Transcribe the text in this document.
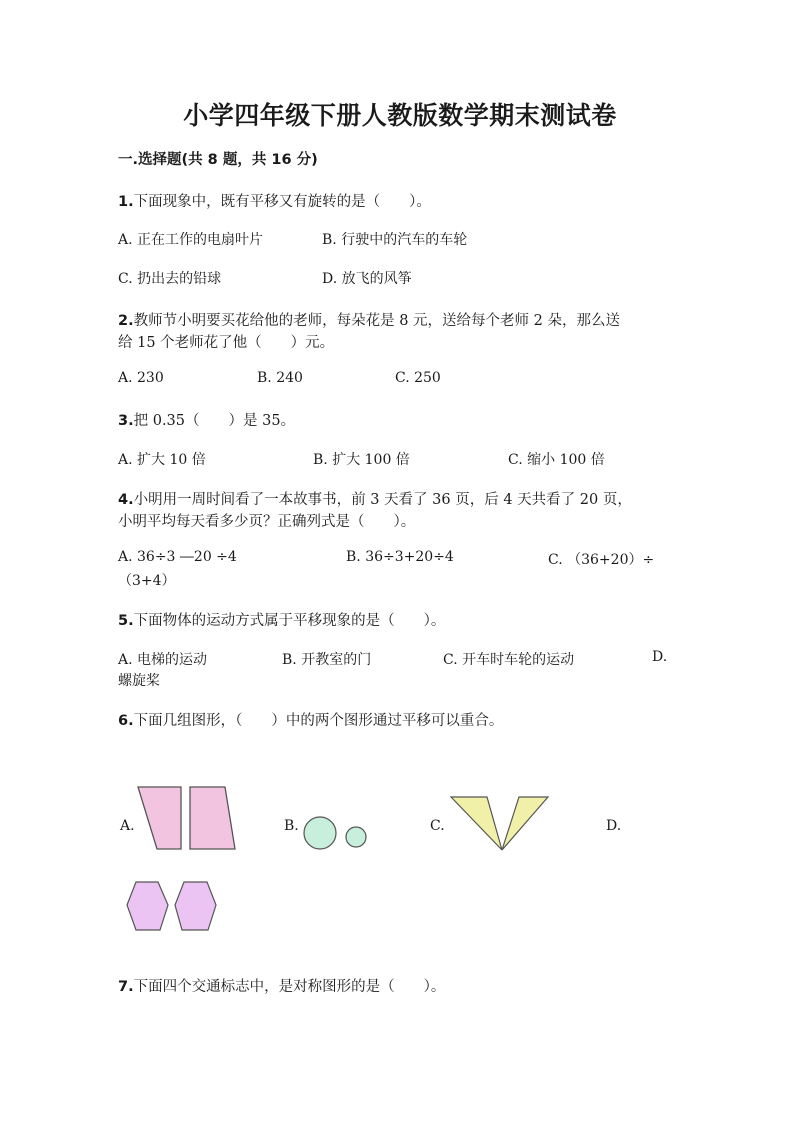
小学四年级下册人教版数学期末测试卷
一.选择题(共 8 题，共 16 分)
1.下面现象中，既有平移又有旋转的是（　　）。
A. 正在工作的电扇叶片	B. 行驶中的汽车的车轮
C. 扔出去的铅球	D. 放飞的风筝
2.教师节小明要买花给他的老师，每朵花是 8 元，送给每个老师 2 朵，那么送
给 15 个老师花了他（　　）元。
A. 230	B. 240	C. 250
3.把 0.35（　　）是 35。
A. 扩大 10 倍	B. 扩大 100 倍	C. 缩小 100 倍
4.小明用一周时间看了一本故事书，前 3 天看了 36 页，后 4 天共看了 20 页，
小明平均每天看多少页？正确列式是（　　）。
A. 36÷3 ―20 ÷4	B. 36÷3+20÷4	C. （36+20）÷
（3+4）
5.下面物体的运动方式属于平移现象的是（　　）。
A. 电梯的运动	B. 开教室的门	C. 开车时车轮的运动	D.
螺旋桨
6.下面几组图形，（　　）中的两个图形通过平移可以重合。
A.	B.	C.	D.
7.下面四个交通标志中，是对称图形的是（　　）。
